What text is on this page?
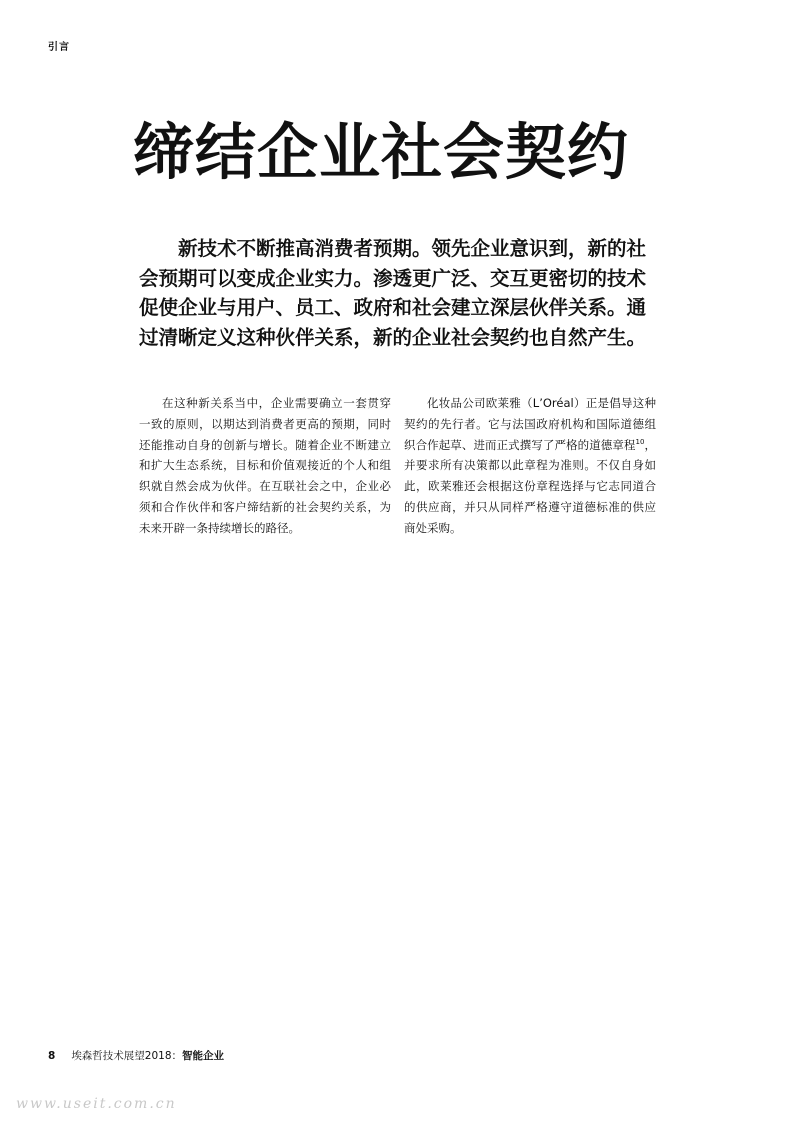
引言
缔结企业社会契约

新技术不断推高消费者预期。领先企业意识到，新的社会预期可以变成企业实力。渗透更广泛、交互更密切的技术促使企业与用户、员工、政府和社会建立深层伙伴关系。通过清晰定义这种伙伴关系，新的企业社会契约也自然产生。

在这种新关系当中，企业需要确立一套贯穿一致的原则，以期达到消费者更高的预期，同时还能推动自身的创新与增长。随着企业不断建立和扩大生态系统，目标和价值观接近的个人和组织就自然会成为伙伴。在互联社会之中，企业必须和合作伙伴和客户缔结新的社会契约关系，为未来开辟一条持续增长的路径。

化妆品公司欧莱雅（L’Oréal）正是倡导这种契约的先行者。它与法国政府机构和国际道德组织合作起草、进而正式撰写了严格的道德章程$^{10}$，并要求所有决策都以此章程为准则。不仅自身如此，欧莱雅还会根据这份章程选择与它志同道合的供应商，并只从同样严格遵守道德标准的供应商处采购。

8 埃森哲技术展望2018：智能企业
www.useit.com.cn
